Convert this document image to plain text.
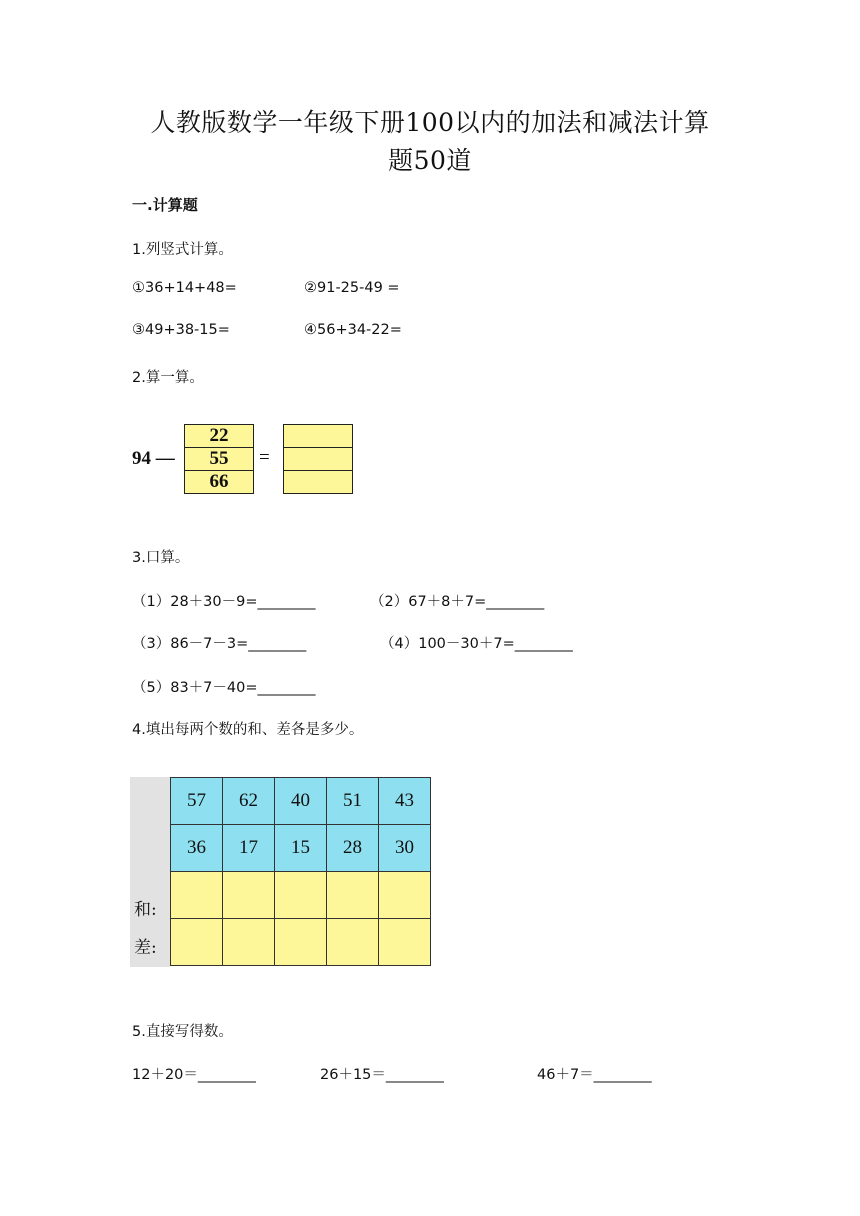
人教版数学一年级下册100以内的加法和减法计算
题50道
一.计算题
1.列竖式计算。
①36+14+48=	②91-25-49 =
③49+38-15=	④56+34-22=
2.算一算。
94 —
22
55
66
=
3.口算。
（1）28＋30－9=________	（2）67＋8＋7=________
（3）86－7－3=________	（4）100－30＋7=________
（5）83＋7－40=________
4.填出每两个数的和、差各是多少。
57	62	40	51	43
36	17	15	28	30

和:
差:
5.直接写得数。
12＋20＝________	26＋15＝________	46＋7＝________
